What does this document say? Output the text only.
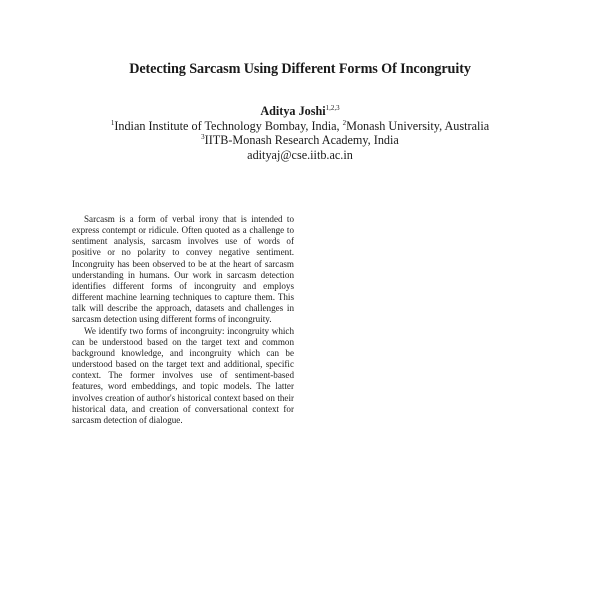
Detecting Sarcasm Using Different Forms Of Incongruity
Aditya Joshi$^{1,2,3}$
$^1$Indian Institute of Technology Bombay, India, $^2$Monash University, Australia
$^3$IITB-Monash Research Academy, India
adityaj@cse.iitb.ac.in

Sarcasm is a form of verbal irony that is intended to express contempt or ridicule. Often quoted as a challenge to sentiment analysis, sarcasm involves use of words of positive or no polarity to convey negative sentiment. Incongruity has been observed to be at the heart of sarcasm understanding in humans. Our work in sarcasm detection identifies different forms of incongruity and employs different machine learning techniques to capture them. This talk will describe the approach, datasets and challenges in sarcasm detection using different forms of incongruity.

We identify two forms of incongruity: incongruity which can be understood based on the target text and common background knowledge, and incongruity which can be understood based on the target text and additional, specific context. The former involves use of sentiment-based features, word embeddings, and topic models. The latter involves creation of author's historical context based on their historical data, and creation of conversational context for sarcasm detection of dialogue.
